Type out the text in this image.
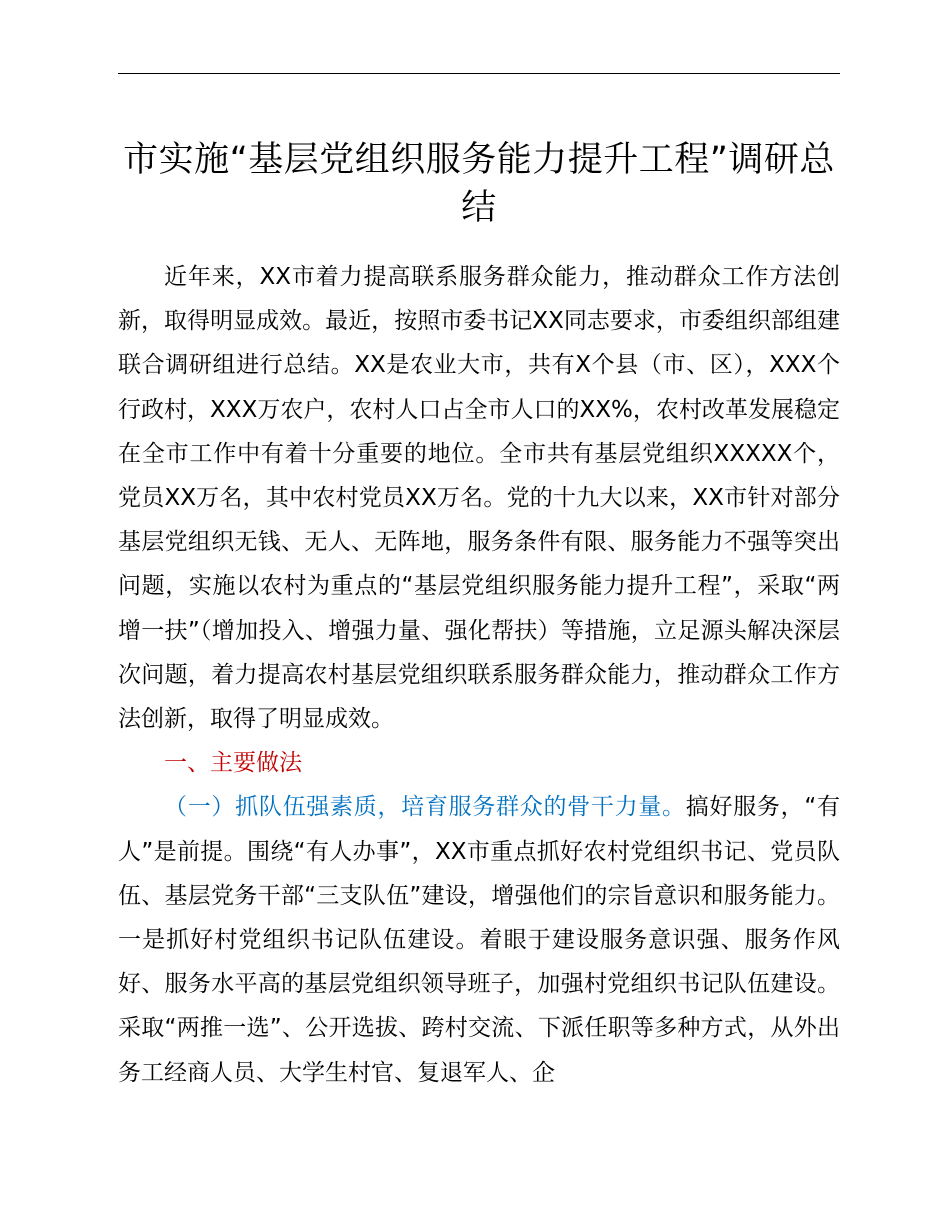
市实施“基层党组织服务能力提升工程”调研总结

近年来，XX市着力提高联系服务群众能力，推动群众工作方法创新，取得明显成效。最近，按照市委书记XX同志要求，市委组织部组建联合调研组进行总结。XX是农业大市，共有X个县（市、区），XXX个行政村，XXX万农户，农村人口占全市人口的XX%，农村改革发展稳定在全市工作中有着十分重要的地位。全市共有基层党组织XXXXX个，党员XX万名，其中农村党员XX万名。党的十九大以来，XX市针对部分基层党组织无钱、无人、无阵地，服务条件有限、服务能力不强等突出问题，实施以农村为重点的“基层党组织服务能力提升工程”，采取“两增一扶”（增加投入、增强力量、强化帮扶）等措施，立足源头解决深层次问题，着力提高农村基层党组织联系服务群众能力，推动群众工作方法创新，取得了明显成效。

一、主要做法

（一）抓队伍强素质，培育服务群众的骨干力量。搞好服务，“有人”是前提。围绕“有人办事”，XX市重点抓好农村党组织书记、党员队伍、基层党务干部“三支队伍”建设，增强他们的宗旨意识和服务能力。一是抓好村党组织书记队伍建设。着眼于建设服务意识强、服务作风好、服务水平高的基层党组织领导班子，加强村党组织书记队伍建设。采取“两推一选”、公开选拔、跨村交流、下派任职等多种方式，从外出务工经商人员、大学生村官、复退军人、企
